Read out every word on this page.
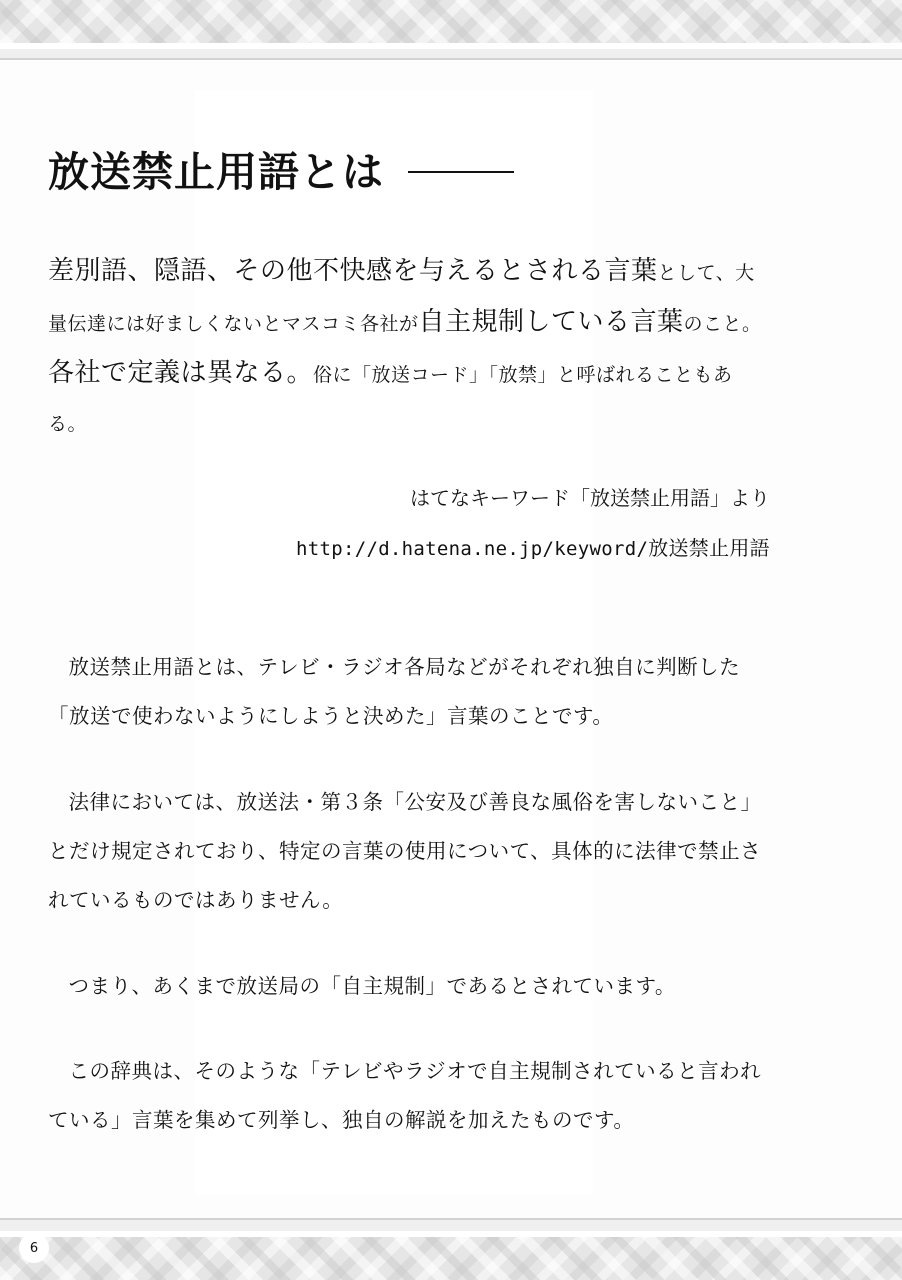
放送禁止用語とは
差別語、隠語、その他不快感を与えるとされる言葉として、大量伝達には好ましくないとマスコミ各社が自主規制している言葉のこと。各社で定義は異なる。俗に「放送コード」「放禁」と呼ばれることもある。
はてなキーワード「放送禁止用語」より
http://d.hatena.ne.jp/keyword/放送禁止用語

放送禁止用語とは、テレビ・ラジオ各局などがそれぞれ独自に判断した「放送で使わないようにしようと決めた」言葉のことです。

法律においては、放送法・第３条「公安及び善良な風俗を害しないこと」とだけ規定されており、特定の言葉の使用について、具体的に法律で禁止されているものではありません。

つまり、あくまで放送局の「自主規制」であるとされています。

この辞典は、そのような「テレビやラジオで自主規制されていると言われている」言葉を集めて列挙し、独自の解説を加えたものです。

6
